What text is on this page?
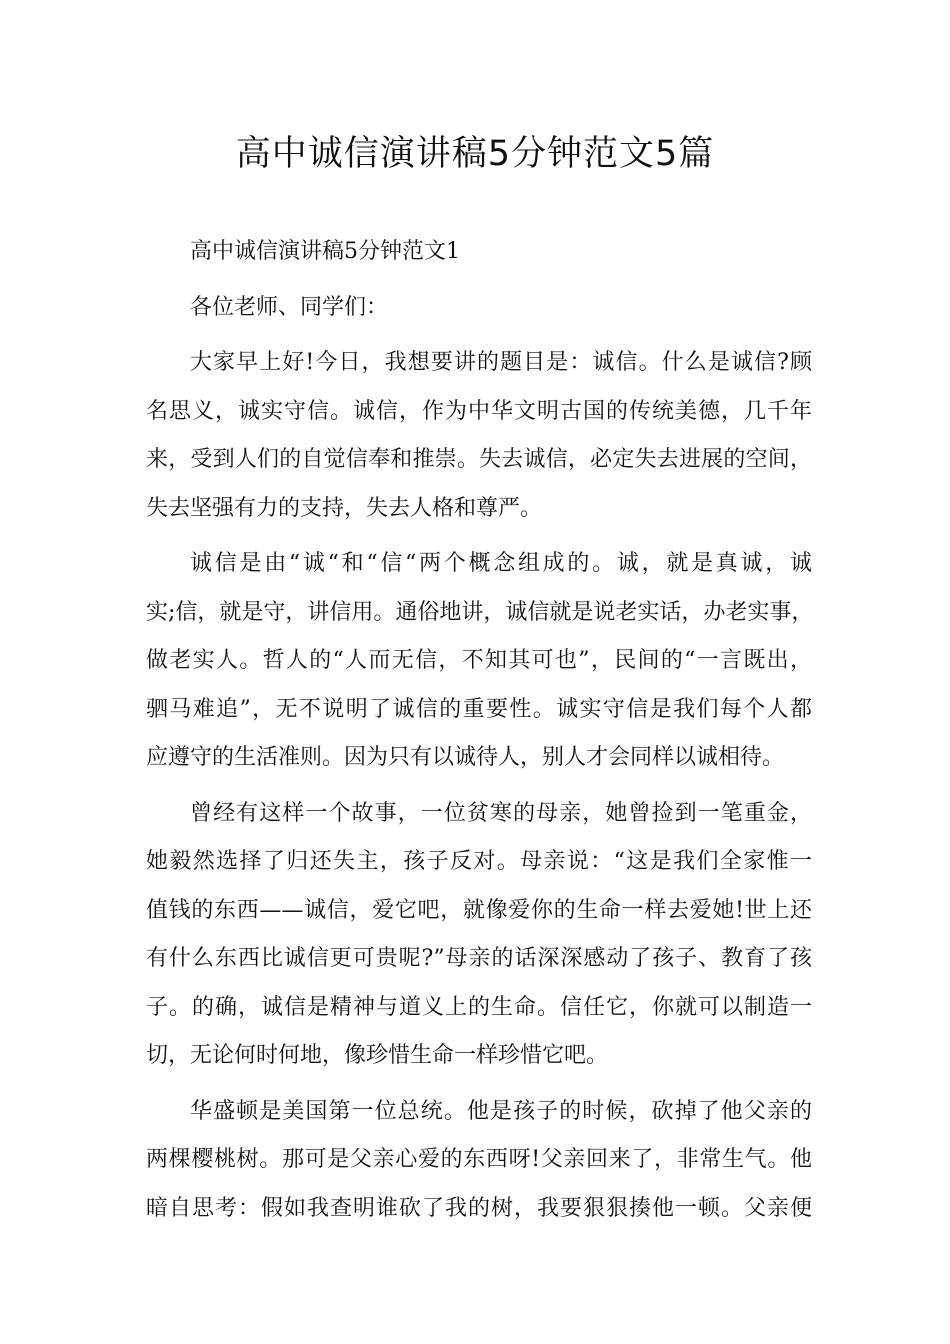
高中诚信演讲稿5分钟范文5篇
高中诚信演讲稿5分钟范文1
各位老师、同学们：
大家早上好!今日，我想要讲的题目是：诚信。什么是诚信?顾
名思义，诚实守信。诚信，作为中华文明古国的传统美德，几千年
来，受到人们的自觉信奉和推崇。失去诚信，必定失去进展的空间，
失去坚强有力的支持，失去人格和尊严。
诚信是由“诚“和“信“两个概念组成的。诚，就是真诚，诚
实;信，就是守，讲信用。通俗地讲，诚信就是说老实话，办老实事，
做老实人。哲人的“人而无信，不知其可也”，民间的“一言既出，
驷马难追”，无不说明了诚信的重要性。诚实守信是我们每个人都
应遵守的生活准则。因为只有以诚待人，别人才会同样以诚相待。
曾经有这样一个故事，一位贫寒的母亲，她曾捡到一笔重金，
她毅然选择了归还失主，孩子反对。母亲说：“这是我们全家惟一
值钱的东西——诚信，爱它吧，就像爱你的生命一样去爱她!世上还
有什么东西比诚信更可贵呢?”母亲的话深深感动了孩子、教育了孩
子。的确，诚信是精神与道义上的生命。信任它，你就可以制造一
切，无论何时何地，像珍惜生命一样珍惜它吧。
华盛顿是美国第一位总统。他是孩子的时候，砍掉了他父亲的
两棵樱桃树。那可是父亲心爱的东西呀!父亲回来了，非常生气。他
暗自思考：假如我查明谁砍了我的树，我要狠狠揍他一顿。父亲便
